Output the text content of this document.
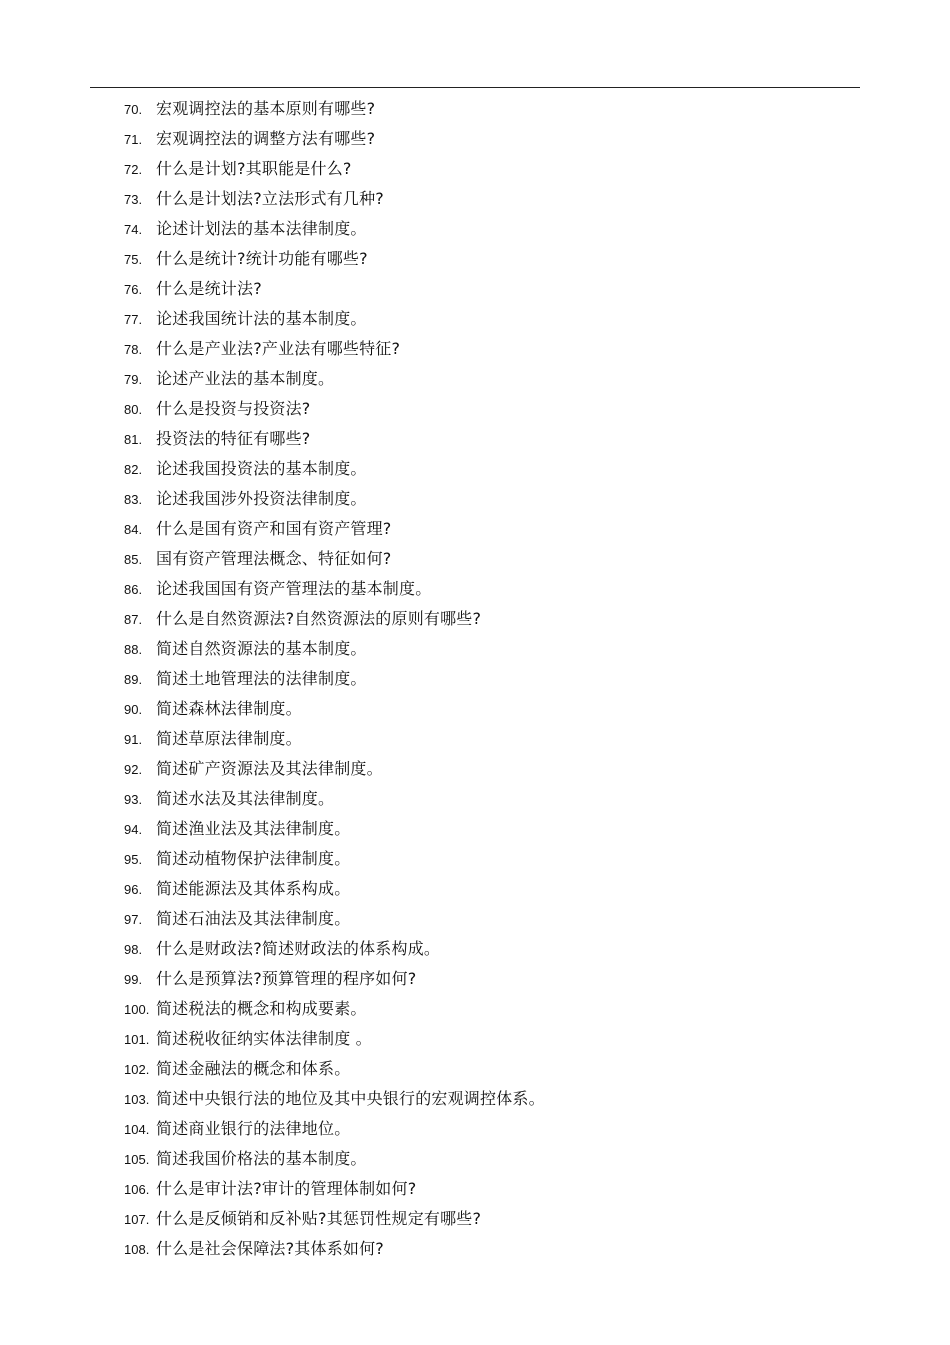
70. 宏观调控法的基本原则有哪些?
71. 宏观调控法的调整方法有哪些?
72. 什么是计划?其职能是什么?
73. 什么是计划法?立法形式有几种?
74. 论述计划法的基本法律制度。
75. 什么是统计?统计功能有哪些?
76. 什么是统计法?
77. 论述我国统计法的基本制度。
78. 什么是产业法?产业法有哪些特征?
79. 论述产业法的基本制度。
80. 什么是投资与投资法?
81. 投资法的特征有哪些?
82. 论述我国投资法的基本制度。
83. 论述我国涉外投资法律制度。
84. 什么是国有资产和国有资产管理?
85. 国有资产管理法概念、特征如何?
86. 论述我国国有资产管理法的基本制度。
87. 什么是自然资源法?自然资源法的原则有哪些?
88. 简述自然资源法的基本制度。
89. 简述土地管理法的法律制度。
90. 简述森林法律制度。
91. 简述草原法律制度。
92. 简述矿产资源法及其法律制度。
93. 简述水法及其法律制度。
94. 简述渔业法及其法律制度。
95. 简述动植物保护法律制度。
96. 简述能源法及其体系构成。
97. 简述石油法及其法律制度。
98. 什么是财政法?简述财政法的体系构成。
99. 什么是预算法?预算管理的程序如何?
100. 简述税法的概念和构成要素。
101. 简述税收征纳实体法律制度 。
102. 简述金融法的概念和体系。
103. 简述中央银行法的地位及其中央银行的宏观调控体系。
104. 简述商业银行的法律地位。
105. 简述我国价格法的基本制度。
106. 什么是审计法?审计的管理体制如何?
107. 什么是反倾销和反补贴?其惩罚性规定有哪些?
108. 什么是社会保障法?其体系如何?
